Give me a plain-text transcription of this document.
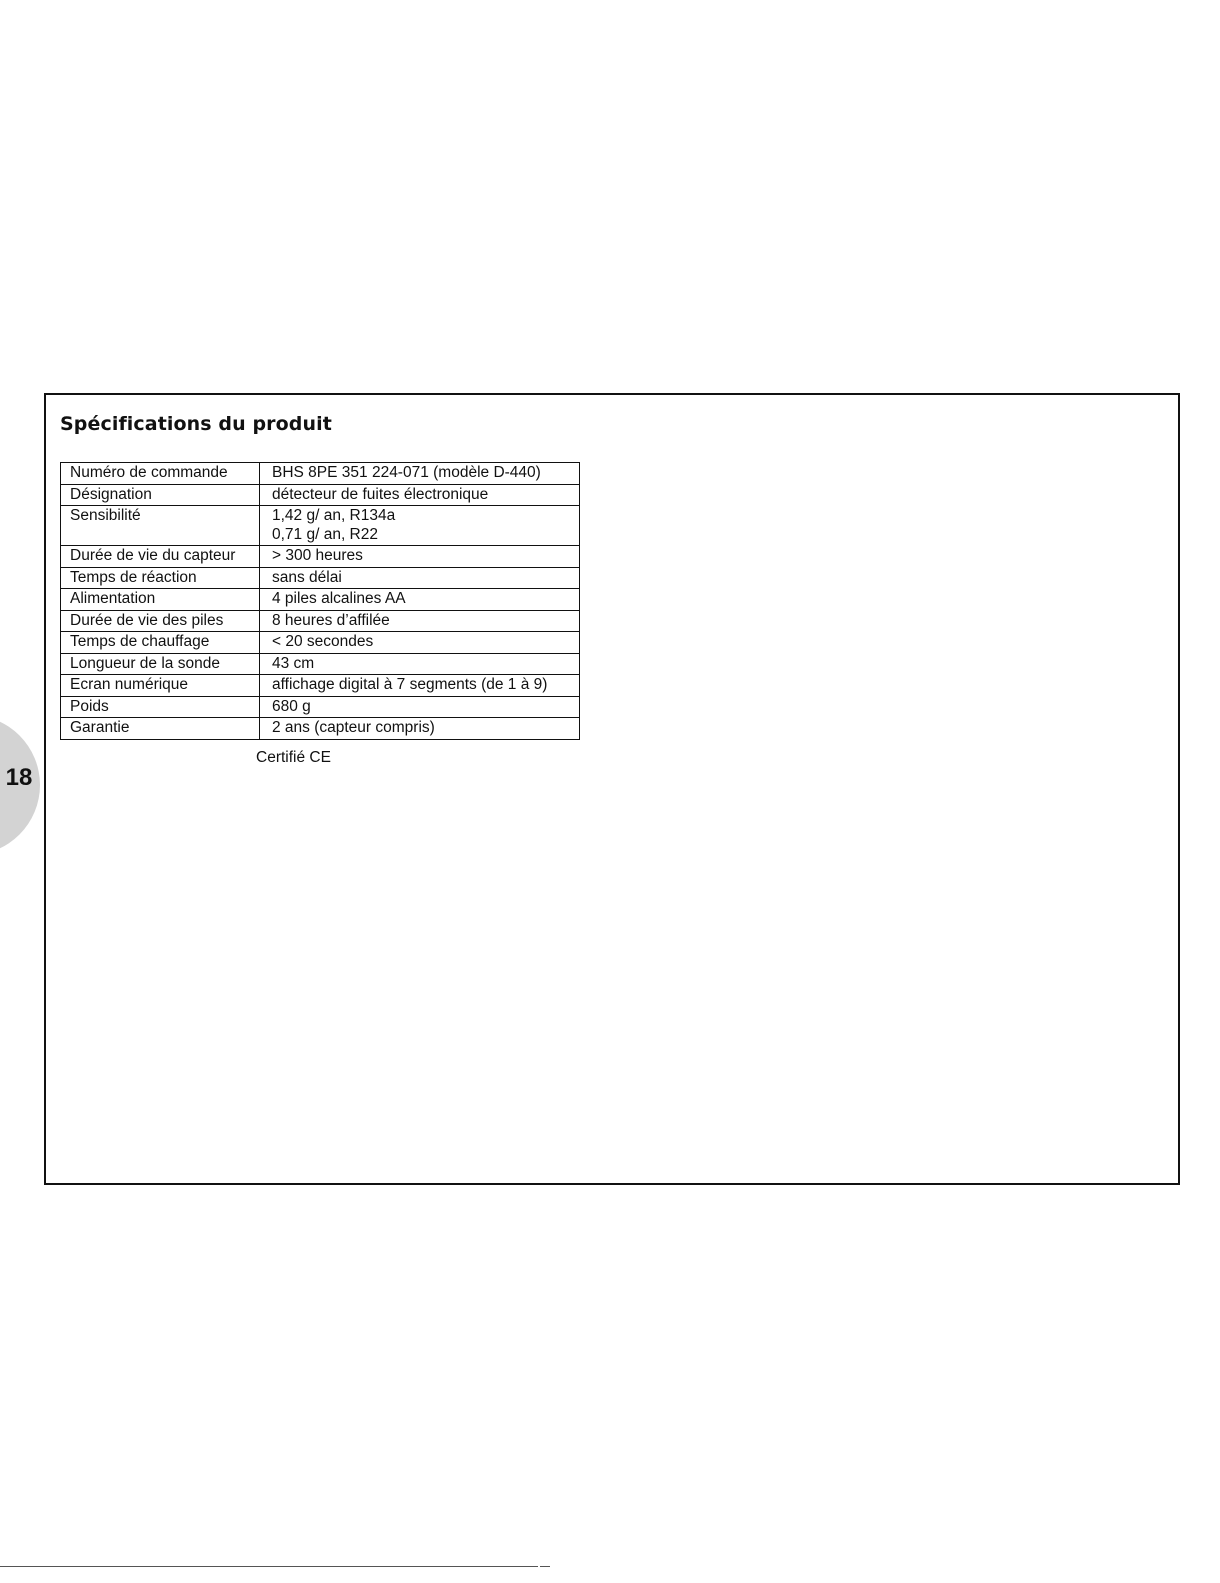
18
Spécifications du produit
Numéro de commande	BHS 8PE 351 224-071 (modèle D-440)
Désignation	détecteur de fuites électronique
Sensibilité	1,42 g/ an, R134a
0,71 g/ an, R22

Durée de vie du capteur	> 300 heures
Temps de réaction	sans délai
Alimentation	4 piles alcalines AA
Durée de vie des piles	8 heures d’affilée
Temps de chauffage	< 20 secondes
Longueur de la sonde	43 cm
Ecran numérique	affichage digital à 7 segments (de 1 à 9)
Poids	680 g
Garantie	2 ans (capteur compris)
Certifié CE
